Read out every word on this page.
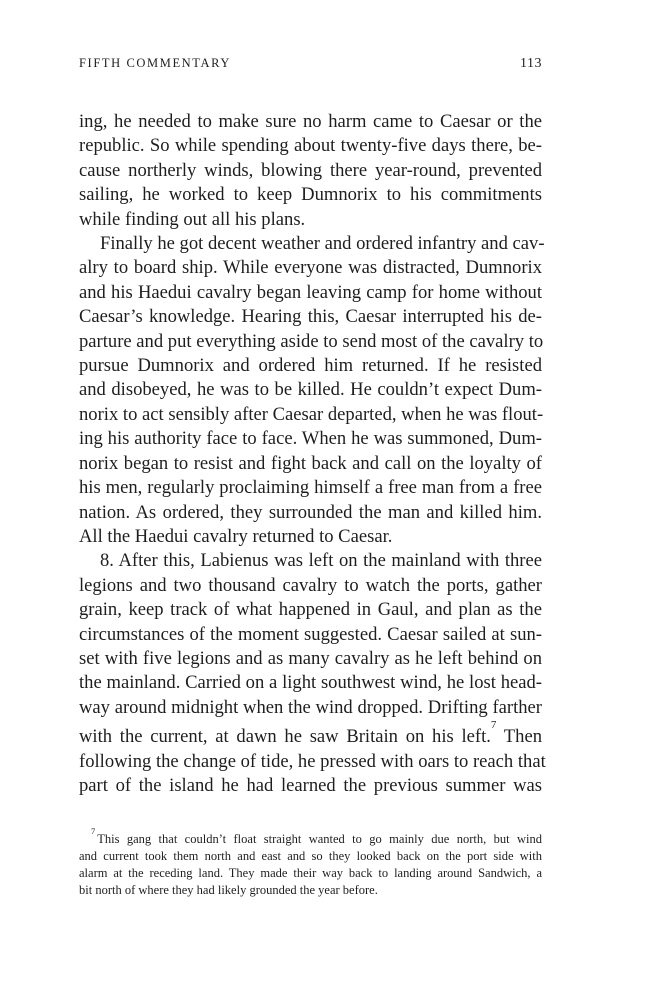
FIFTH COMMENTARY	113
ing, he needed to make sure no harm came to Caesar or the
republic. So while spending about twenty-five days there, be-
cause northerly winds, blowing there year-round, prevented
sailing, he worked to keep Dumnorix to his commitments
while finding out all his plans.
Finally he got decent weather and ordered infantry and cav-
alry to board ship. While everyone was distracted, Dumnorix
and his Haedui cavalry began leaving camp for home without
Caesar’s knowledge. Hearing this, Caesar interrupted his de-
parture and put everything aside to send most of the cavalry to
pursue Dumnorix and ordered him returned. If he resisted
and disobeyed, he was to be killed. He couldn’t expect Dum-
norix to act sensibly after Caesar departed, when he was flout-
ing his authority face to face. When he was summoned, Dum-
norix began to resist and fight back and call on the loyalty of
his men, regularly proclaiming himself a free man from a free
nation. As ordered, they surrounded the man and killed him.
All the Haedui cavalry returned to Caesar.
8. After this, Labienus was left on the mainland with three
legions and two thousand cavalry to watch the ports, gather
grain, keep track of what happened in Gaul, and plan as the
circumstances of the moment suggested. Caesar sailed at sun-
set with five legions and as many cavalry as he left behind on
the mainland. Carried on a light southwest wind, he lost head-
way around midnight when the wind dropped. Drifting farther
with the current, at dawn he saw Britain on his left.$^7$ Then
following the change of tide, he pressed with oars to reach that
part of the island he had learned the previous summer was
$^7$This gang that couldn’t float straight wanted to go mainly due north, but wind
and current took them north and east and so they looked back on the port side with
alarm at the receding land. They made their way back to landing around Sandwich, a
bit north of where they had likely grounded the year before.
